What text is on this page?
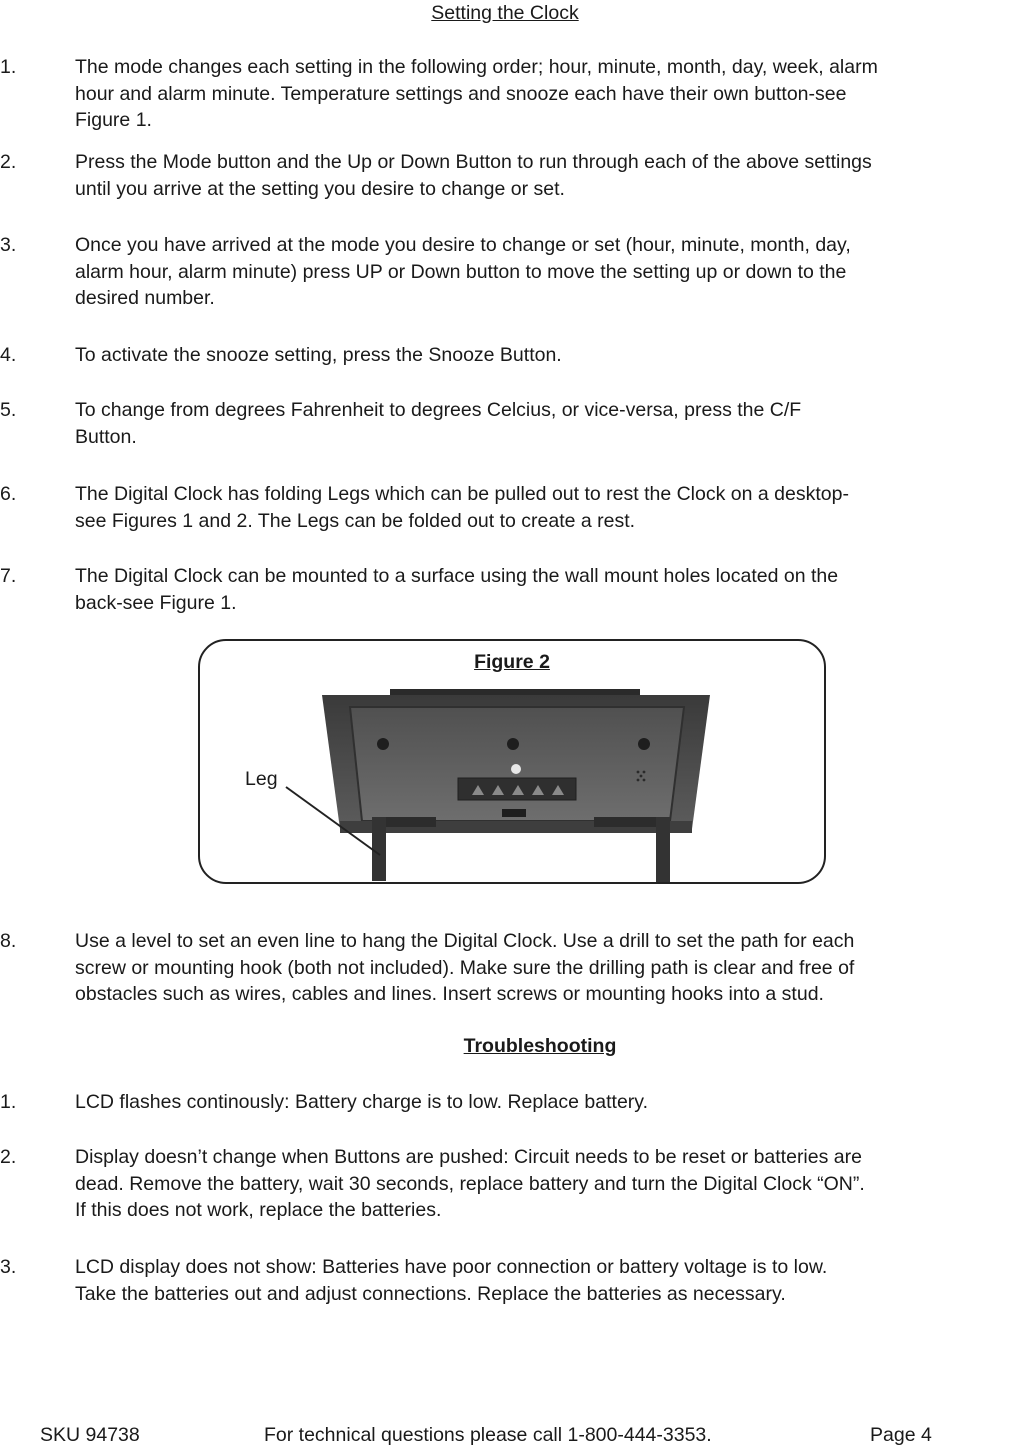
Setting the Clock
1.	The mode changes each setting in the following order; hour, minute, month, day, week, alarm
hour and alarm minute. Temperature settings and snooze each have their own button-see
Figure 1.
2.	Press the Mode button and the Up or Down Button to run through each of the above settings
until you arrive at the setting you desire to change or set.
3.	Once you have arrived at the mode you desire to change or set (hour, minute, month, day,
alarm hour, alarm minute) press UP or Down button to move the setting up or down to the
desired number.
4.	To activate the snooze setting, press the Snooze Button.
5.	To change from degrees Fahrenheit to degrees Celcius, or vice-versa, press the C/F
Button.
6.	The Digital Clock has folding Legs which can be pulled out to rest the Clock on a desktop-
see Figures 1 and 2. The Legs can be folded out to create a rest.
7.	The Digital Clock can be mounted to a surface using the wall mount holes located on the
back-see Figure 1.
Figure 2
Leg
8.	Use a level to set an even line to hang the Digital Clock. Use a drill to set the path for each
screw or mounting hook (both not included). Make sure the drilling path is clear and free of
obstacles such as wires, cables and lines. Insert screws or mounting hooks into a stud.
Troubleshooting
1.	LCD flashes continously: Battery charge is to low. Replace battery.
2.	Display doesn’t change when Buttons are pushed: Circuit needs to be reset or batteries are
dead. Remove the battery, wait 30 seconds, replace battery and turn the Digital Clock “ON”.
If this does not work, replace the batteries.
3.	LCD display does not show: Batteries have poor connection or battery voltage is to low.
Take the batteries out and adjust connections. Replace the batteries as necessary.
SKU 94738	For technical questions please call 1-800-444-3353.	Page 4
